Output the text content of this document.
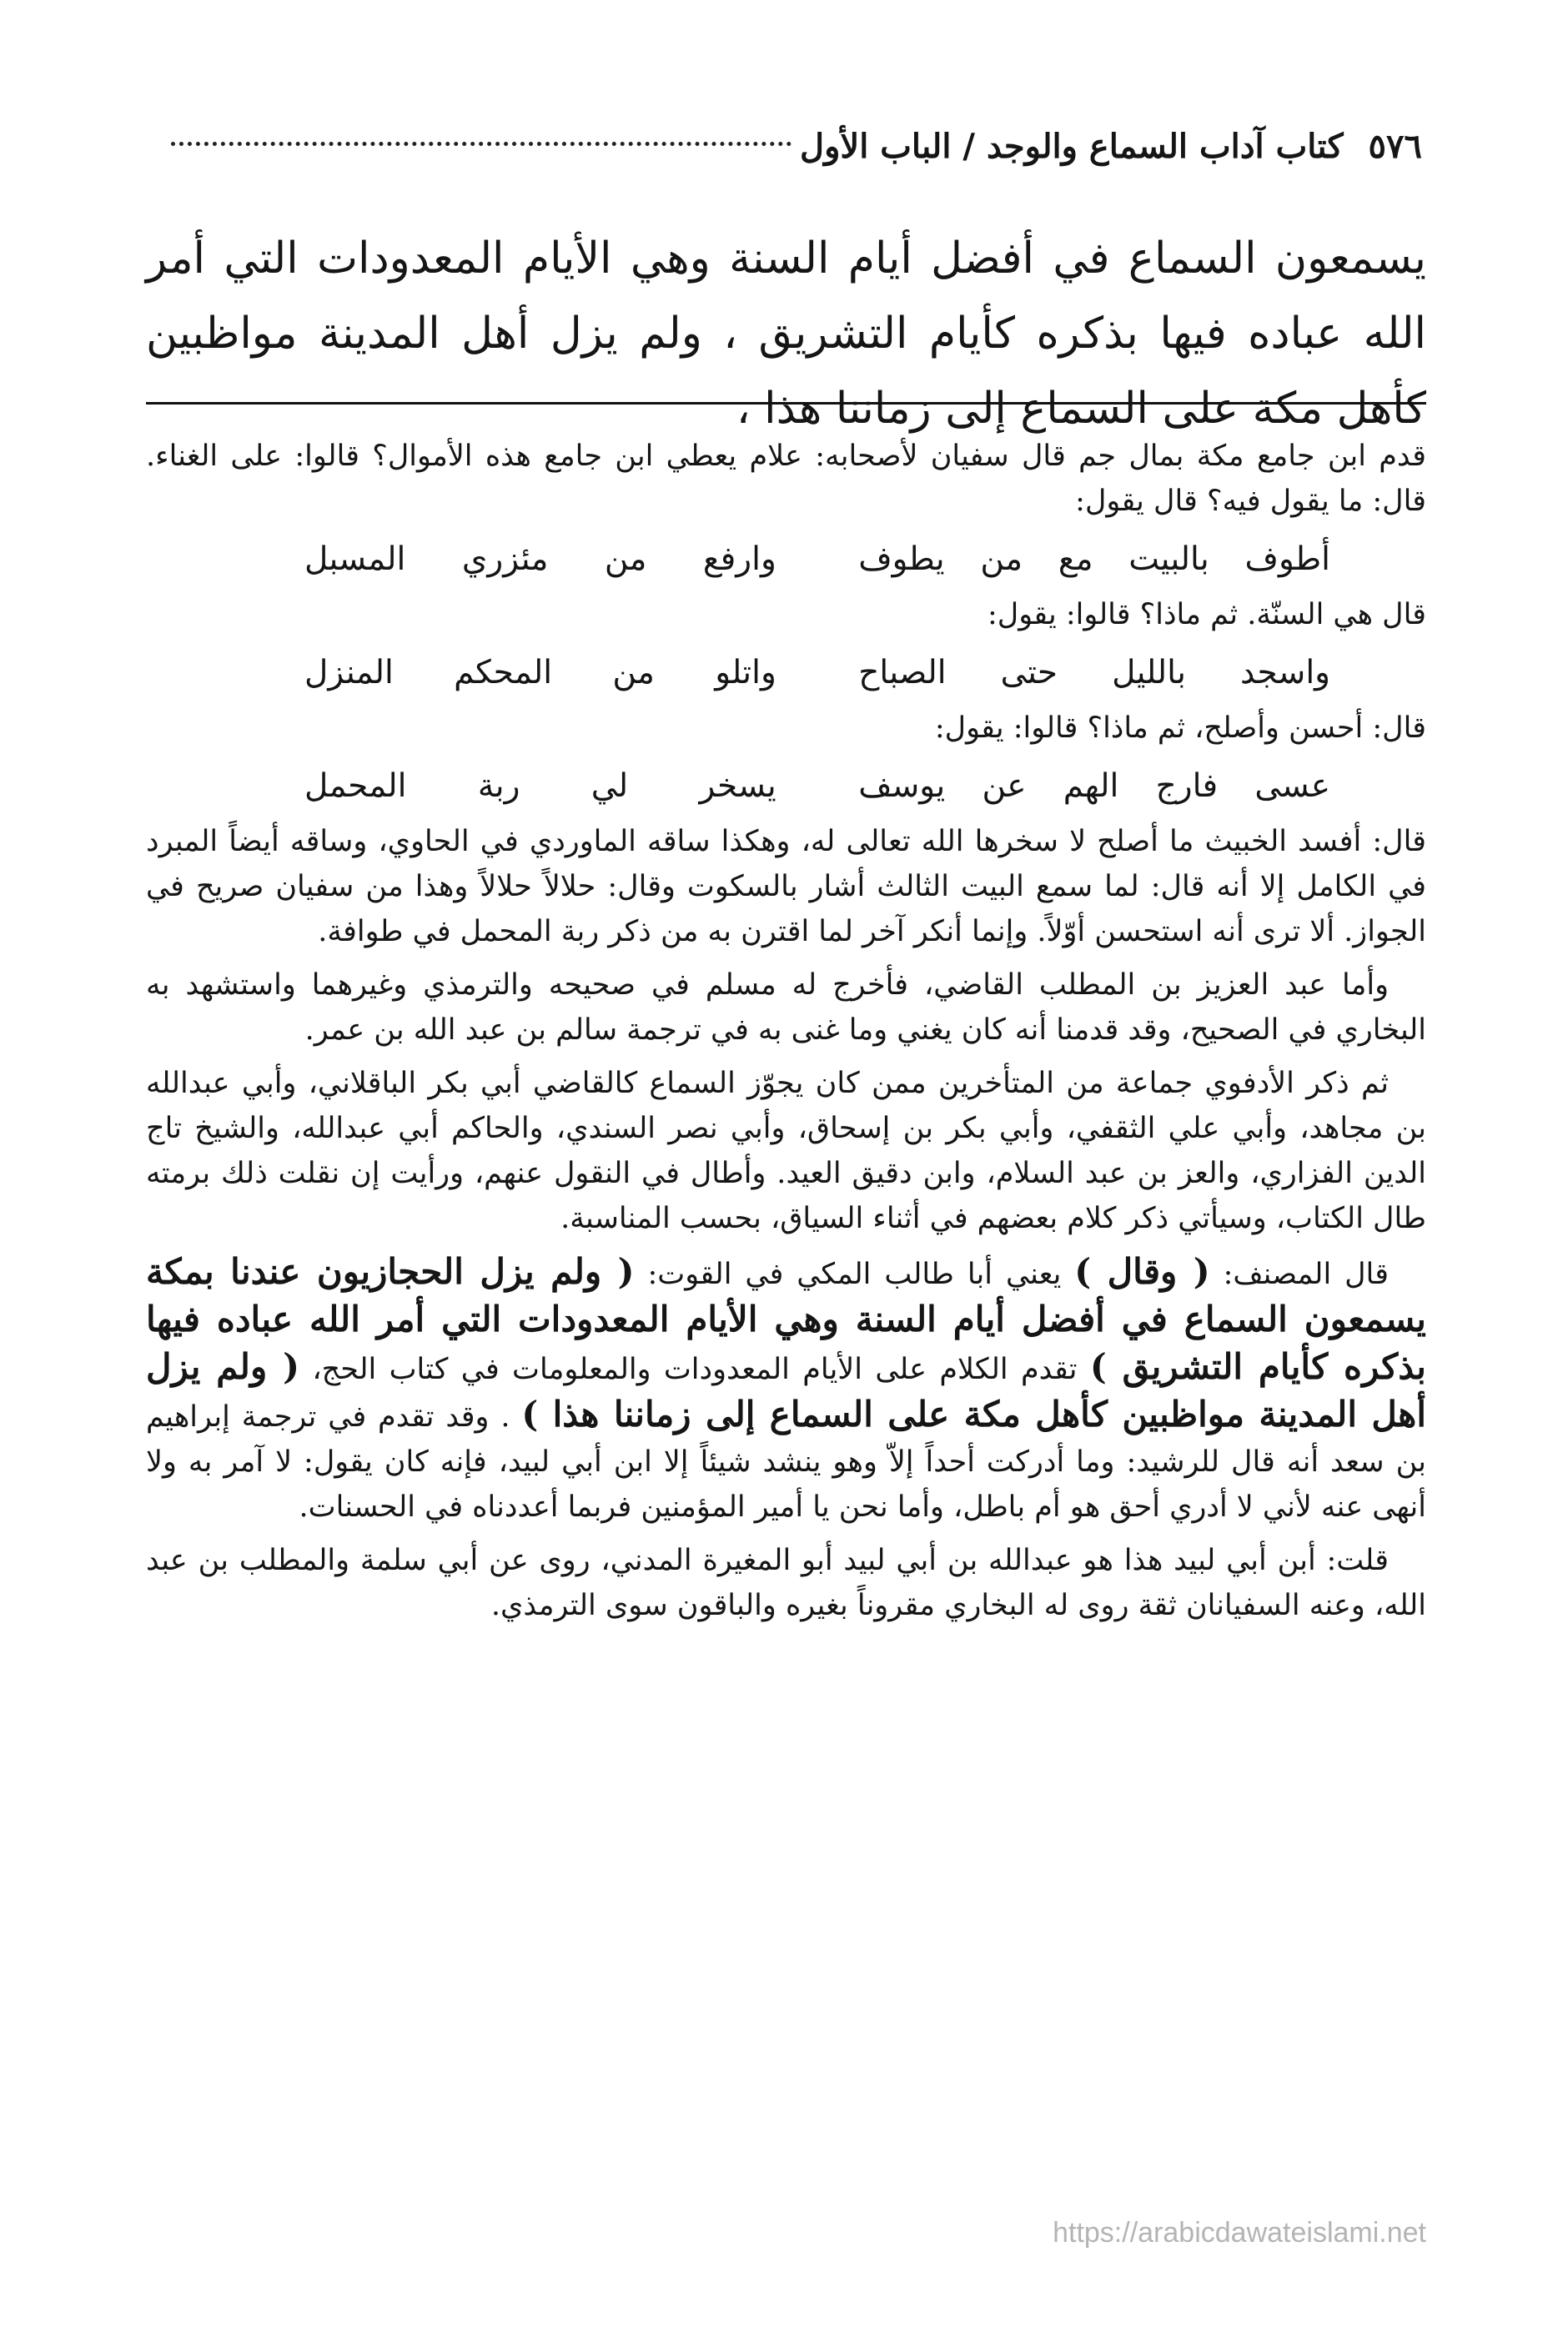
٥٧٦
كتاب آداب السماع والوجد / الباب الأول
يسمعون السماع في أفضل أيام السنة وهي الأيام المعدودات التي أمر الله عباده فيها بذكره كأيام التشريق ، ولم يزل أهل المدينة مواظبين كأهل مكة على السماع إلى زماننا هذا ،

قدم ابن جامع مكة بمال جم قال سفيان لأصحابه: علام يعطي ابن جامع هذه الأموال؟ قالوا: على الغناء. قال: ما يقول فيه؟ قال يقول:

أطوف بالبيت مع من يطوف
وارفع من مئزري المسبل

قال هي السنّة. ثم ماذا؟ قالوا: يقول:

واسجد بالليل حتى الصباح
واتلو من المحكم المنزل

قال: أحسن وأصلح، ثم ماذا؟ قالوا: يقول:

عسى فارج الهم عن يوسف
يسخر لي ربة المحمل

قال: أفسد الخبيث ما أصلح لا سخرها الله تعالى له، وهكذا ساقه الماوردي في الحاوي، وساقه أيضاً المبرد في الكامل إلا أنه قال: لما سمع البيت الثالث أشار بالسكوت وقال: حلالاً حلالاً وهذا من سفيان صريح في الجواز. ألا ترى أنه استحسن أوّلاً. وإنما أنكر آخر لما اقترن به من ذكر ربة المحمل في طوافة.

وأما عبد العزيز بن المطلب القاضي، فأخرج له مسلم في صحيحه والترمذي وغيرهما واستشهد به البخاري في الصحيح، وقد قدمنا أنه كان يغني وما غنى به في ترجمة سالم بن عبد الله بن عمر.

ثم ذكر الأدفوي جماعة من المتأخرين ممن كان يجوّز السماع كالقاضي أبي بكر الباقلاني، وأبي عبدالله بن مجاهد، وأبي علي الثقفي، وأبي بكر بن إسحاق، وأبي نصر السندي، والحاكم أبي عبدالله، والشيخ تاج الدين الفزاري، والعز بن عبد السلام، وابن دقيق العيد. وأطال في النقول عنهم، ورأيت إن نقلت ذلك برمته طال الكتاب، وسيأتي ذكر كلام بعضهم في أثناء السياق، بحسب المناسبة.

قال المصنف: ( وقال ) يعني أبا طالب المكي في القوت: ( ولم يزل الحجازيون عندنا بمكة يسمعون السماع في أفضل أيام السنة وهي الأيام المعدودات التي أمر الله عباده فيها بذكره كأيام التشريق ) تقدم الكلام على الأيام المعدودات والمعلومات في كتاب الحج، ( ولم يزل أهل المدينة مواظبين كأهل مكة على السماع إلى زماننا هذا ) . وقد تقدم في ترجمة إبراهيم بن سعد أنه قال للرشيد: وما أدركت أحداً إلاّ وهو ينشد شيئاً إلا ابن أبي لبيد، فإنه كان يقول: لا آمر به ولا أنهى عنه لأني لا أدري أحق هو أم باطل، وأما نحن يا أمير المؤمنين فربما أعددناه في الحسنات.

قلت: أبن أبي لبيد هذا هو عبدالله بن أبي لبيد أبو المغيرة المدني، روى عن أبي سلمة والمطلب بن عبد الله، وعنه السفيانان ثقة روى له البخاري مقروناً بغيره والباقون سوى الترمذي.

https://arabicdawateislami.net
